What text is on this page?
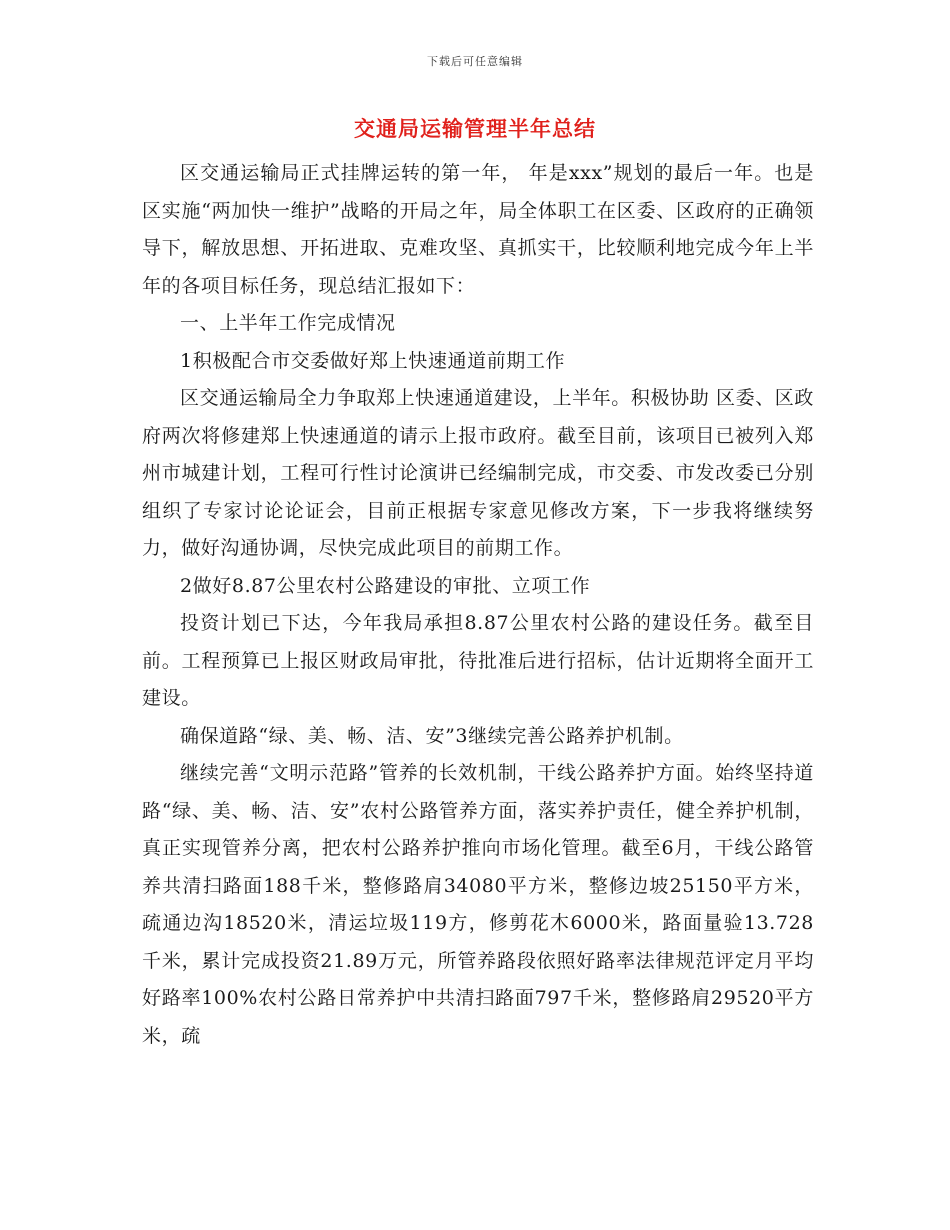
下载后可任意编辑
交通局运输管理半年总结

区交通运输局正式挂牌运转的第一年， 年是xxx”规划的最后一年。也是区实施“两加快一维护”战略的开局之年，局全体职工在区委、区政府的正确领导下，解放思想、开拓进取、克难攻坚、真抓实干，比较顺利地完成今年上半年的各项目标任务，现总结汇报如下：

一、上半年工作完成情况

1积极配合市交委做好郑上快速通道前期工作

区交通运输局全力争取郑上快速通道建设，上半年。积极协助 区委、区政府两次将修建郑上快速通道的请示上报市政府。截至目前，该项目已被列入郑州市城建计划，工程可行性讨论演讲已经编制完成，市交委、市发改委已分别组织了专家讨论论证会，目前正根据专家意见修改方案，下一步我将继续努力，做好沟通协调，尽快完成此项目的前期工作。

2做好8.87公里农村公路建设的审批、立项工作

投资计划已下达，今年我局承担8.87公里农村公路的建设任务。截至目前。工程预算已上报区财政局审批，待批准后进行招标，估计近期将全面开工建设。

确保道路“绿、美、畅、洁、安”3继续完善公路养护机制。

继续完善“文明示范路”管养的长效机制，干线公路养护方面。始终坚持道路“绿、美、畅、洁、安”农村公路管养方面，落实养护责任，健全养护机制，真正实现管养分离，把农村公路养护推向市场化管理。截至6月，干线公路管养共清扫路面188千米，整修路肩34080平方米，整修边坡25150平方米，疏通边沟18520米，清运垃圾119方，修剪花木6000米，路面量验13.728千米，累计完成投资21.89万元，所管养路段依照好路率法律规范评定月平均好路率100%农村公路日常养护中共清扫路面797千米，整修路肩29520平方米，疏
